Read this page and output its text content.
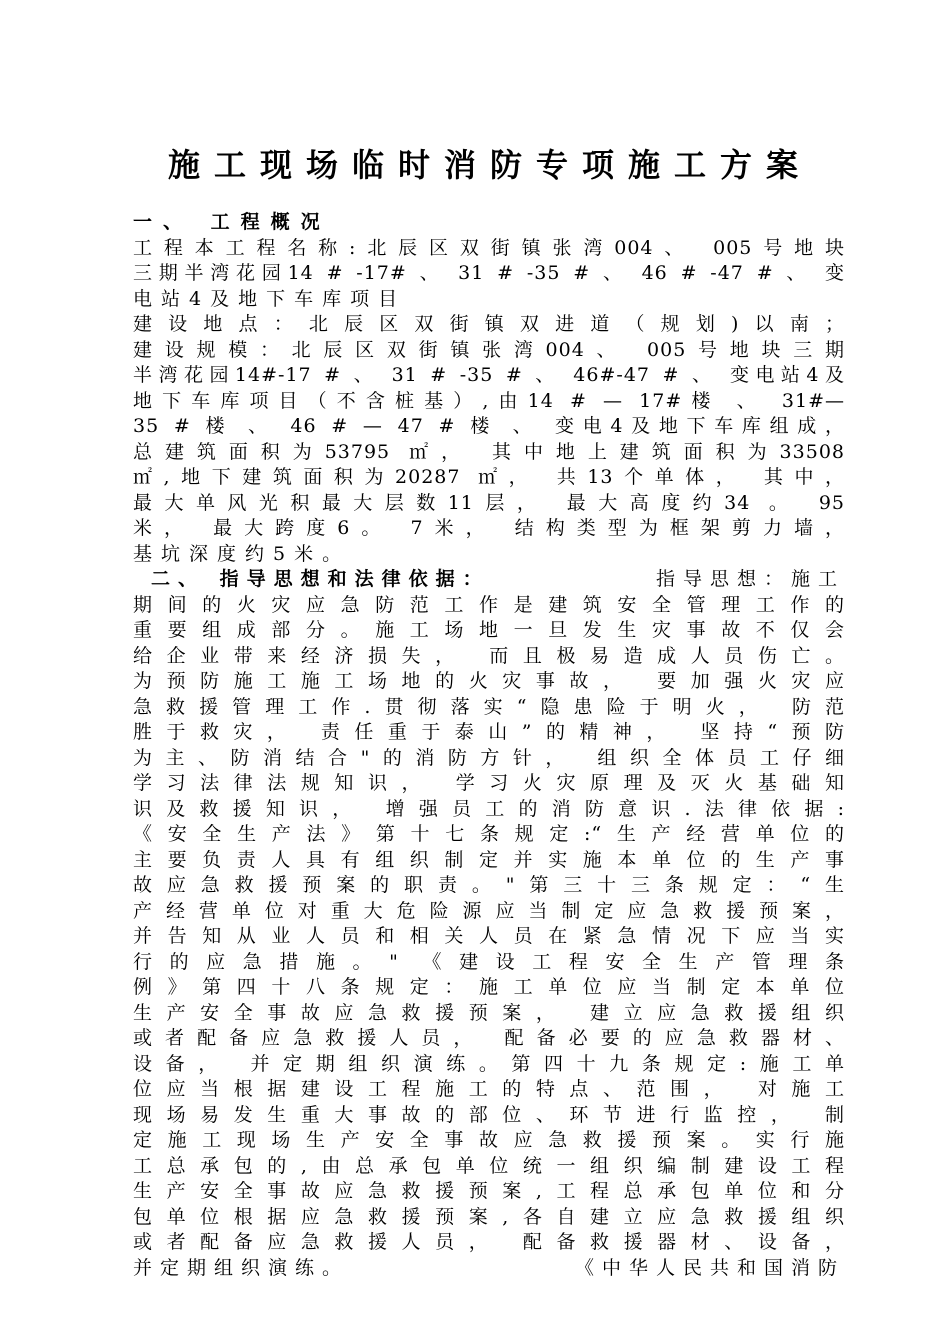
施工现场临时消防专项施工方案
一、 工程概况
工程本工程名称:北辰区双街镇张湾004、 005号地块
三期半湾花园14 # -17# 、 31 # -35 # 、 46 # -47 # 、 变
电站4及地下车库项目
建设地点：北辰区双街镇双进道（规划)以南；
建设规模：北辰区双街镇张湾004、 005号地块三期
半湾花园14#-17 # 、 31 # -35 # 、 46#-47 # 、 变电站4及
地下车库项目（不含桩基）,由14 # — 17#楼 、 31#—
35 # 楼 、 46 # — 47 # 楼 、 变电4及地下车库组成，
总建筑面积为53795 ㎡， 其中地上建筑面积为33508
㎡,地下建筑面积为20287 ㎡， 共13个单体， 其中，
最大单风光积最大层数11层， 最大高度约34 。 95
米， 最大跨度6。 7米， 结构类型为框架剪力墙，
基坑深度约5米。
二、 指导思想和法律依据：	指导思想：施工
期间的火灾应急防范工作是建筑安全管理工作的
重要组成部分。施工场地一旦发生灾事故不仅会
给企业带来经济损失， 而且极易造成人员伤亡。
为预防施工施工场地的火灾事故， 要加强火灾应
急救援管理工作.贯彻落实“隐患险于明火， 防范
胜于救灾， 责任重于泰山”的精神， 坚持“预防
为主、防消结合"的消防方针， 组织全体员工仔细
学习法律法规知识， 学习火灾原理及灭火基础知
识及救援知识， 增强员工的消防意识.法律依据:
《安全生产法》第十七条规定:“生产经营单位的
主要负责人具有组织制定并实施本单位的生产事
故应急救援预案的职责。"第三十三条规定：“生
产经营单位对重大危险源应当制定应急救援预案，
并告知从业人员和相关人员在紧急情况下应当实
行的应急措施。" 《建设工程安全生产管理条
例》第四十八条规定：施工单位应当制定本单位
生产安全事故应急救援预案， 建立应急救援组织
或者配备应急救援人员， 配备必要的应急救器材、
设备， 并定期组织演练。第四十九条规定:施工单
位应当根据建设工程施工的特点、范围， 对施工
现场易发生重大事故的部位、环节进行监控， 制
定施工现场生产安全事故应急救援预案。实行施
工总承包的,由总承包单位统一组织编制建设工程
生产安全事故应急救援预案,工程总承包单位和分
包单位根据应急救援预案,各自建立应急救援组织
或者配备应急救援人员， 配备救援器材、设备，
并定期组织演练。	《中华人民共和国消防
